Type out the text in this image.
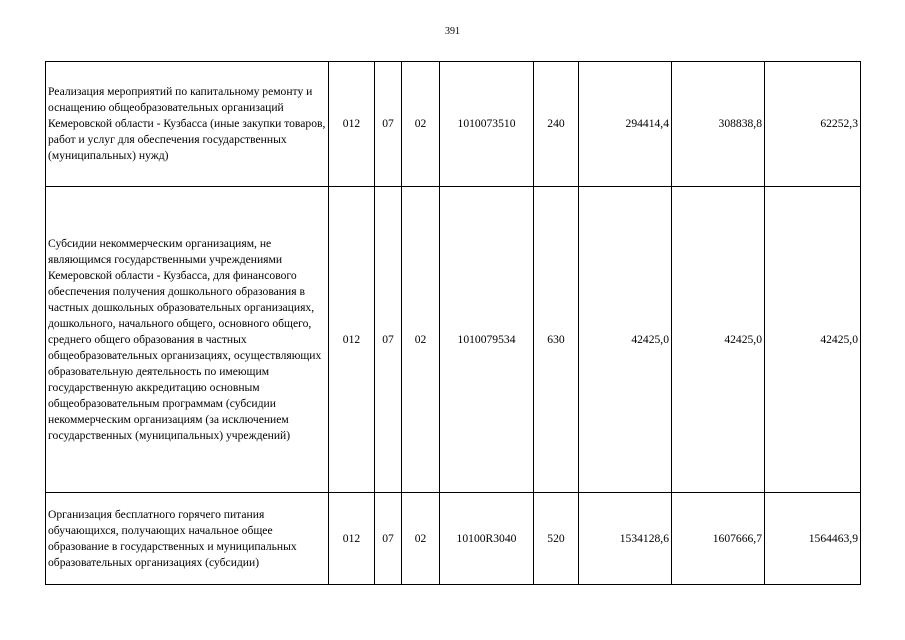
391
Реализация мероприятий по капитальному ремонту и оснащению общеобразовательных организаций Кемеровской области - Кузбасса (иные закупки товаров, работ и услуг для обеспечения государственных (муниципальных) нужд)	012	07	02	1010073510	240	294414,4	308838,8	62252,3
Субсидии некоммерческим организациям, не являющимся государственными учреждениями Кемеровской области - Кузбасса, для финансового обеспечения получения дошкольного образования в частных дошкольных образовательных организациях, дошкольного, начального общего, основного общего, среднего общего образования в частных общеобразовательных организациях, осуществляющих образовательную деятельность по имеющим государственную аккредитацию основным общеобразовательным программам (субсидии некоммерческим организациям (за исключением государственных (муниципальных) учреждений)	012	07	02	1010079534	630	42425,0	42425,0	42425,0
Организация бесплатного горячего питания обучающихся, получающих начальное общее образование в государственных и муниципальных образовательных организациях (субсидии)	012	07	02	10100R3040	520	1534128,6	1607666,7	1564463,9
